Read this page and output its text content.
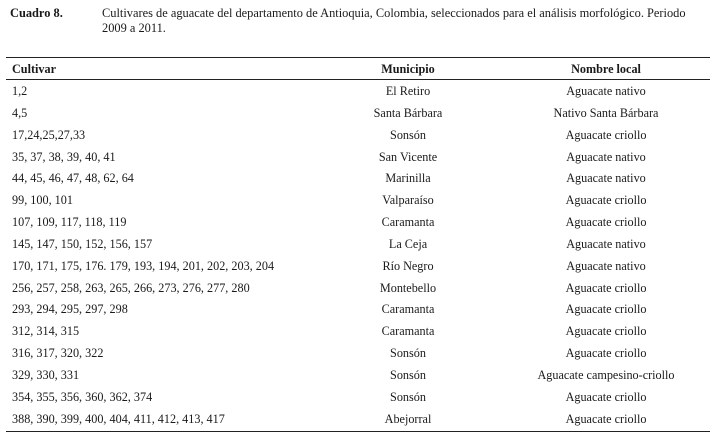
Cuadro 8.	Cultivares de aguacate del departamento de Antioquia, Colombia, seleccionados para el análisis morfológico. Periodo
2009 a 2011.
Cultivar	Municipio	Nombre local
1,2	El Retiro	Aguacate nativo
4,5	Santa Bárbara	Nativo Santa Bárbara
17,24,25,27,33	Sonsón	Aguacate criollo
35, 37, 38, 39, 40, 41	San Vicente	Aguacate nativo
44, 45, 46, 47, 48, 62, 64	Marinilla	Aguacate nativo
99, 100, 101	Valparaíso	Aguacate criollo
107, 109, 117, 118, 119	Caramanta	Aguacate criollo
145, 147, 150, 152, 156, 157	La Ceja	Aguacate nativo
170, 171, 175, 176. 179, 193, 194, 201, 202, 203, 204	Río Negro	Aguacate nativo
256, 257, 258, 263, 265, 266, 273, 276, 277, 280	Montebello	Aguacate criollo
293, 294, 295, 297, 298	Caramanta	Aguacate criollo
312, 314, 315	Caramanta	Aguacate criollo
316, 317, 320, 322	Sonsón	Aguacate criollo
329, 330, 331	Sonsón	Aguacate campesino-criollo
354, 355, 356, 360, 362, 374	Sonsón	Aguacate criollo
388, 390, 399, 400, 404, 411, 412, 413, 417	Abejorral	Aguacate criollo
